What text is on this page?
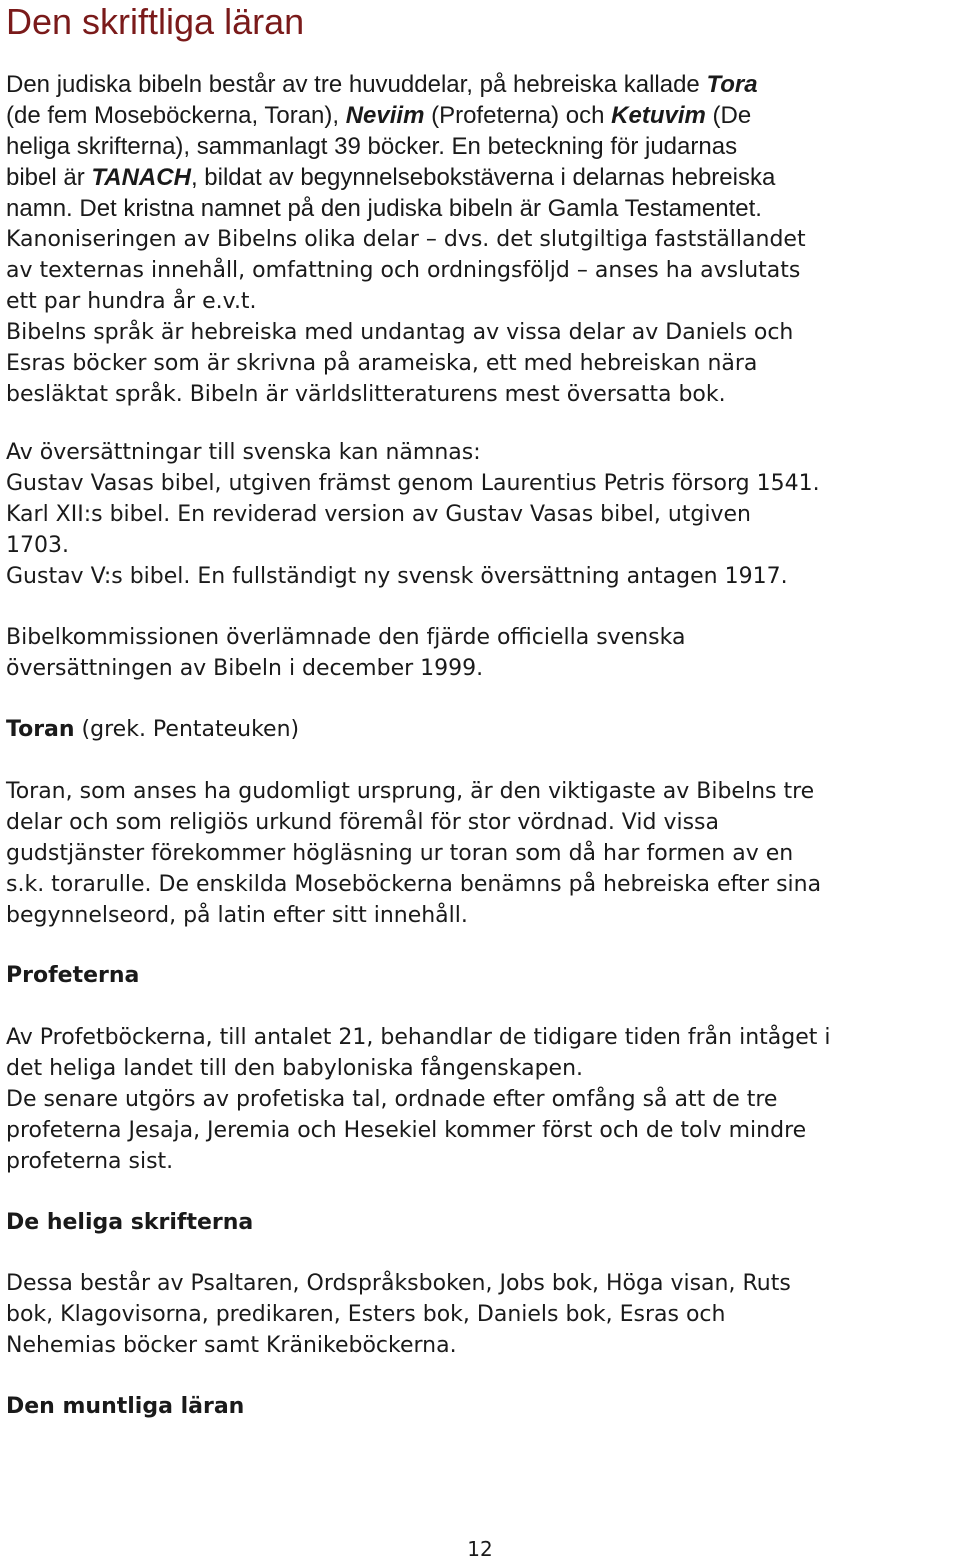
Den skriftliga läran
Den judiska bibeln består av tre huvuddelar, på hebreiska kallade Tora
(de fem Moseböckerna, Toran), Neviim (Profeterna) och Ketuvim (De
heliga skrifterna), sammanlagt 39 böcker. En beteckning för judarnas
bibel är TANACH, bildat av begynnelsebokstäverna i delarnas hebreiska
namn. Det kristna namnet på den judiska bibeln är Gamla Testamentet.
Kanoniseringen av Bibelns olika delar – dvs. det slutgiltiga fastställandet
av texternas innehåll, omfattning och ordningsföljd – anses ha avslutats
ett par hundra år e.v.t.
Bibelns språk är hebreiska med undantag av vissa delar av Daniels och
Esras böcker som är skrivna på arameiska, ett med hebreiskan nära
besläktat språk. Bibeln är världslitteraturens mest översatta bok.
Av översättningar till svenska kan nämnas:
Gustav Vasas bibel, utgiven främst genom Laurentius Petris försorg 1541.
Karl XII:s bibel. En reviderad version av Gustav Vasas bibel, utgiven
1703.
Gustav V:s bibel. En fullständigt ny svensk översättning antagen 1917.
Bibelkommissionen överlämnade den fjärde officiella svenska
översättningen av Bibeln i december 1999.
Toran (grek. Pentateuken)
Toran, som anses ha gudomligt ursprung, är den viktigaste av Bibelns tre
delar och som religiös urkund föremål för stor vördnad. Vid vissa
gudstjänster förekommer högläsning ur toran som då har formen av en
s.k. torarulle. De enskilda Moseböckerna benämns på hebreiska efter sina
begynnelseord, på latin efter sitt innehåll.
Profeterna
Av Profetböckerna, till antalet 21, behandlar de tidigare tiden från intåget i
det heliga landet till den babyloniska fångenskapen.
De senare utgörs av profetiska tal, ordnade efter omfång så att de tre
profeterna Jesaja, Jeremia och Hesekiel kommer först och de tolv mindre
profeterna sist.
De heliga skrifterna
Dessa består av Psaltaren, Ordspråksboken, Jobs bok, Höga visan, Ruts
bok, Klagovisorna, predikaren, Esters bok, Daniels bok, Esras och
Nehemias böcker samt Kränikeböckerna.
Den muntliga läran
12
